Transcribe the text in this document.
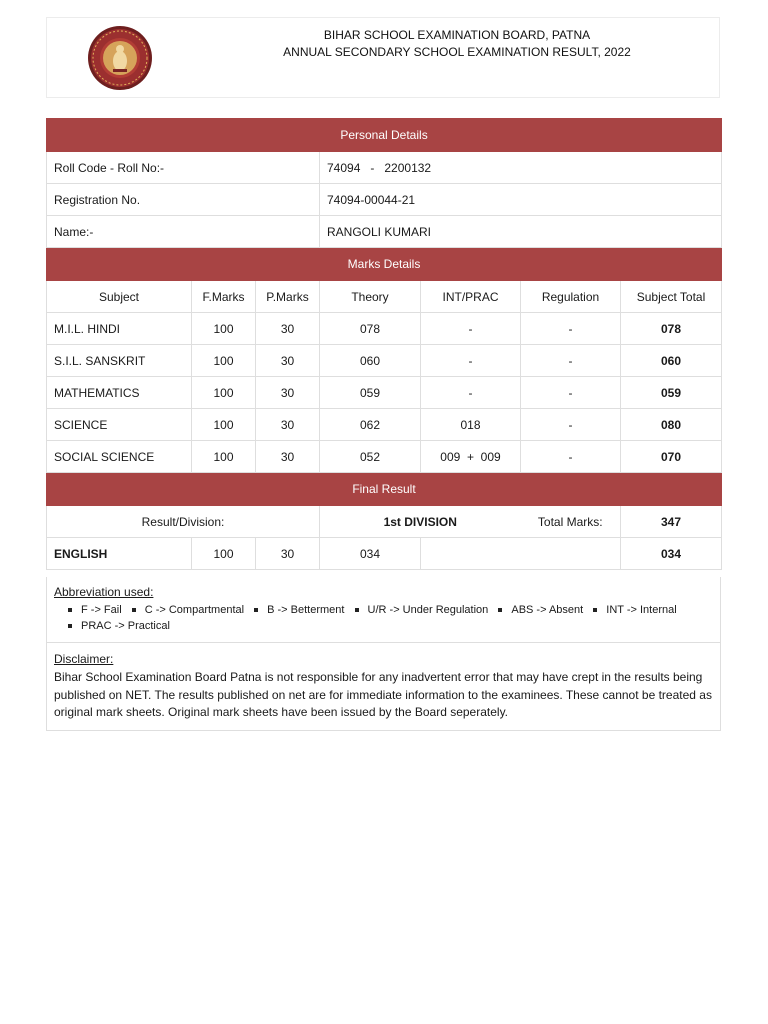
BIHAR SCHOOL EXAMINATION BOARD, PATNA
ANNUAL SECONDARY SCHOOL EXAMINATION RESULT, 2022
Personal Details						
Roll Code - Roll No:-			74094   -   2200132			
Registration No.			74094-00044-21			
Name:-			RANGOLI KUMARI			
Marks Details						
Subject	F.Marks	P.Marks	Theory	INT/PRAC	Regulation	Subject Total
M.I.L. HINDI	100	30	078	-	-	078
S.I.L. SANSKRIT	100	30	060	-	-	060
MATHEMATICS	100	30	059	-	-	059
SCIENCE	100	30	062	018	-	080
SOCIAL SCIENCE	100	30	052	009  +  009	-	070
Final Result						
Result/Division:			1st DIVISION		Total Marks:	347
ENGLISH	100	30	034			034
Abbreviation used:
F -> Fail C -> Compartmental B -> Betterment U/R -> Under Regulation ABS -> Absent INT -> Internal PRAC -> Practical
Disclaimer:
Bihar School Examination Board Patna is not responsible for any inadvertent error that may have crept in the results being published on NET. The results published on net are for immediate information to the examinees. These cannot be treated as original mark sheets. Original mark sheets have been issued by the Board seperately.
